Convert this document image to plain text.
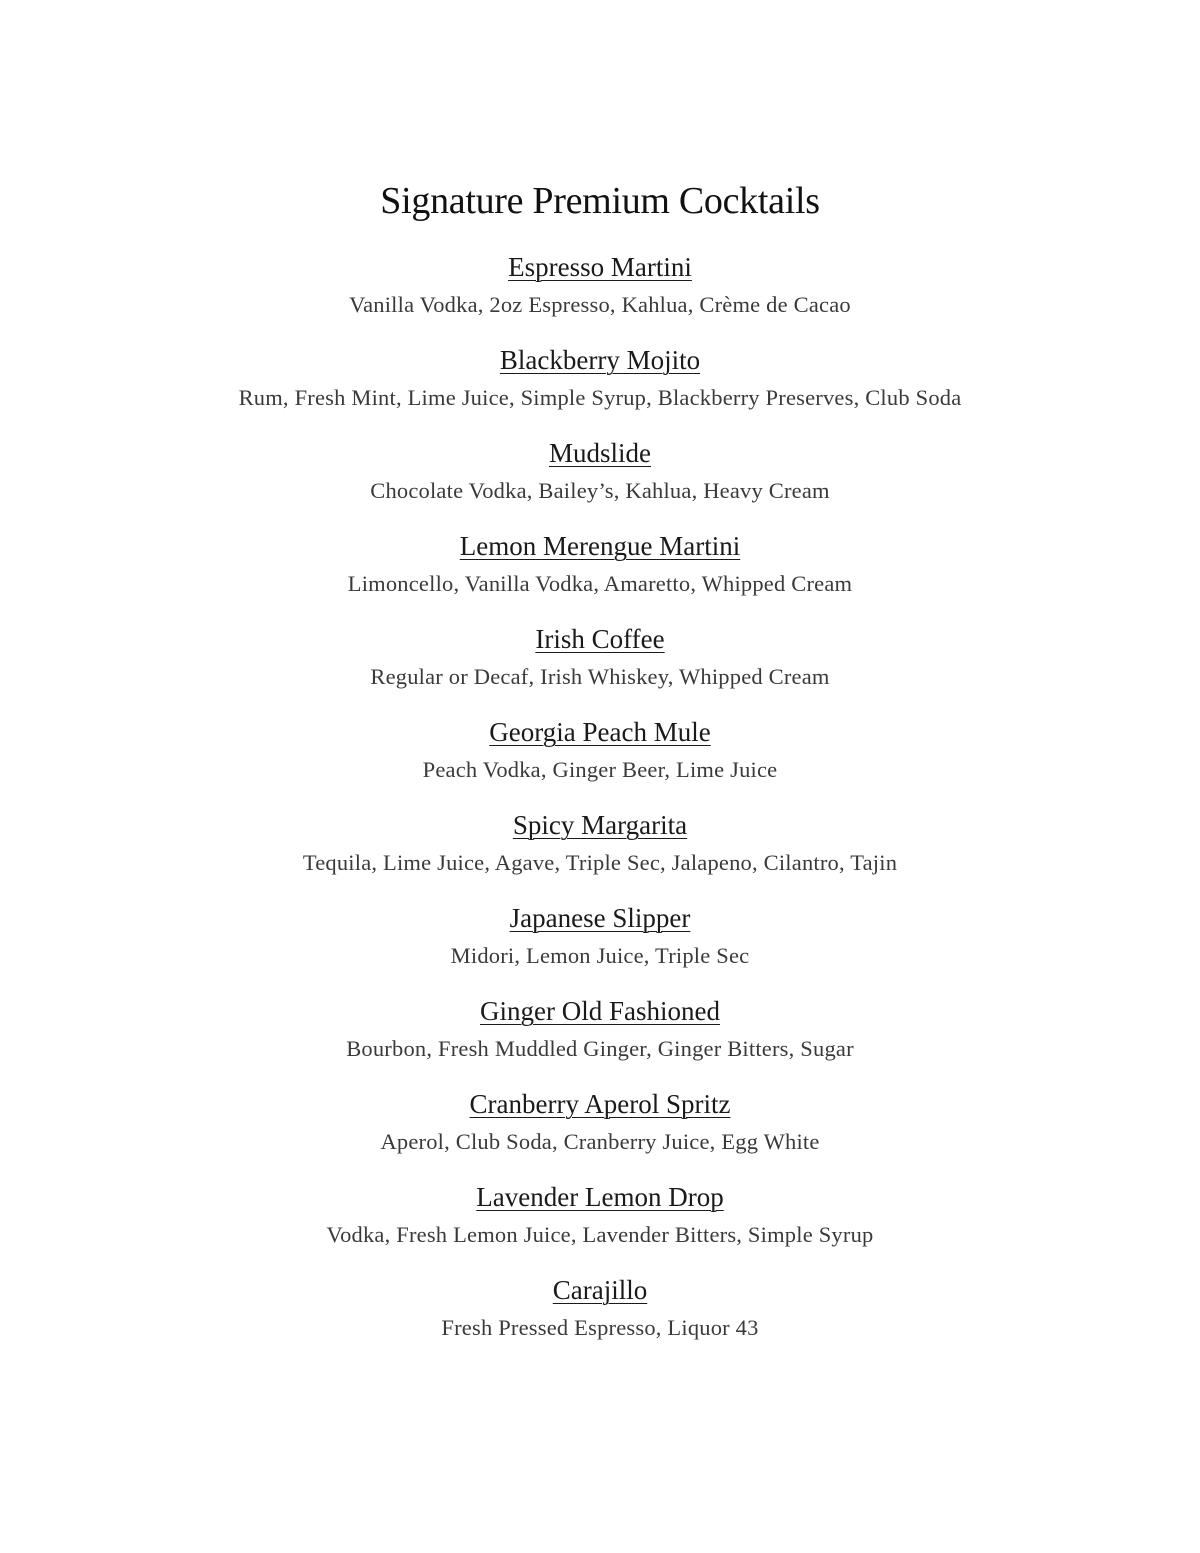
Signature Premium Cocktails
Espresso Martini
Vanilla Vodka, 2oz Espresso, Kahlua, Crème de Cacao
Blackberry Mojito
Rum, Fresh Mint, Lime Juice, Simple Syrup, Blackberry Preserves, Club Soda
Mudslide
Chocolate Vodka, Bailey’s, Kahlua, Heavy Cream
Lemon Merengue Martini
Limoncello, Vanilla Vodka, Amaretto, Whipped Cream
Irish Coffee
Regular or Decaf, Irish Whiskey, Whipped Cream
Georgia Peach Mule
Peach Vodka, Ginger Beer, Lime Juice
Spicy Margarita
Tequila, Lime Juice, Agave, Triple Sec, Jalapeno, Cilantro, Tajin
Japanese Slipper
Midori, Lemon Juice, Triple Sec
Ginger Old Fashioned
Bourbon, Fresh Muddled Ginger, Ginger Bitters, Sugar
Cranberry Aperol Spritz
Aperol, Club Soda, Cranberry Juice, Egg White
Lavender Lemon Drop
Vodka, Fresh Lemon Juice, Lavender Bitters, Simple Syrup
Carajillo
Fresh Pressed Espresso, Liquor 43
